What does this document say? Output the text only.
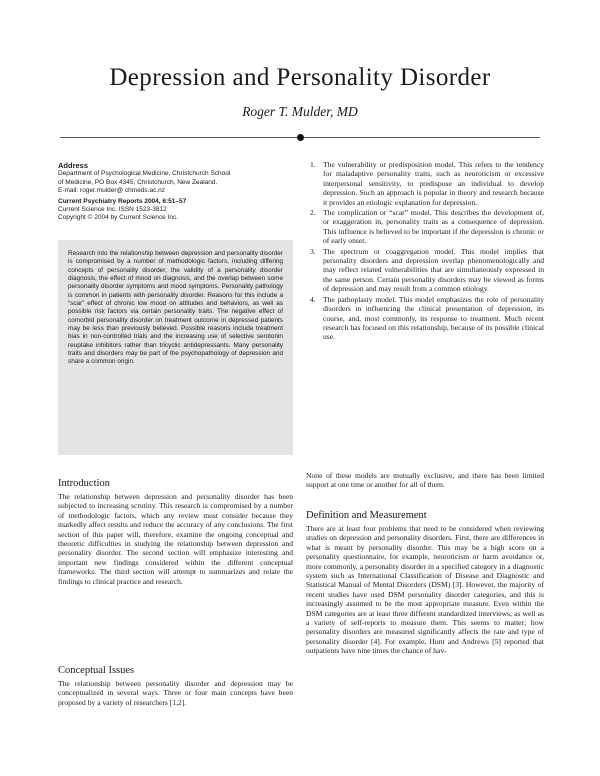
Depression and Personality Disorder
Roger T. Mulder, MD
Address
Department of Psychological Medicine, Christchurch School
of Medicine, PO Box 4345, Christchurch, New Zealand.
E-mail: roger.mulder@ chmeds.ac.nz
Current Psychiatry Reports 2004, 6:51–57
Current Science Inc. ISSN 1523-3812
Copyright © 2004 by Current Science Inc.
Research into the relationship between depression and personality disorder is compromised by a number of methodologic factors, including differing concepts of personality disorder, the validity of a personality disorder diagnosis, the effect of mood on diagnosis, and the overlap between some personality disorder symptoms and mood symptoms. Personality pathology is common in patients with personality disorder. Reasons for this include a “scar” effect of chronic low mood on attitudes and behaviors, as well as possible risk factors via certain personality traits. The negative effect of comorbid personality disorder on treatment outcome in depressed patients may be less than previously believed. Possible reasons include treatment bias in non-controlled trials and the increasing use of selective serotonin reuptake inhibitors rather than tricyclic antidepressants. Many personality traits and disorders may be part of the psychopathology of depression and share a common origin.
Introduction

The relationship between depression and personality disorder has been subjected to increasing scrutiny. This research is compromised by a number of methodologic factors, which any review must consider because they markedly affect results and reduce the accuracy of any conclusions. The first section of this paper will, therefore, examine the ongoing conceptual and theoretic difficulties in studying the relationship between depression and personality disorder. The second section will emphasize interesting and important new findings considered within the different conceptual frameworks. The third section will attempt to summarizes and relate the findings to clinical practice and research.

Conceptual Issues

The relationship between personality disorder and depression may be conceptualized in several ways. Three or four main concepts have been proposed by a variety of researchers [1,2].

1. The vulnerability or predisposition model. This refers to the tendency for maladaptive personality traits, such as neuroticism or excessive interpersonal sensitivity, to predispose an individual to develop depression. Such an approach is popular in theory and research because it provides an etiologic explanation for depression.
2. The complication or “scar” model. This describes the development of, or exaggeration in, personality traits as a consequence of depression. This influence is believed to be important if the depression is chronic or of early onset.
3. The spectrum or coaggregation model. This model implies that personality disorders and depression overlap phenomenologically and may reflect related vulnerabilities that are simultaneously expressed in the same person. Certain personality disorders may be viewed as forms of depression and may result from a common etiology.
4. The pathoplasty model. This model emphasizes the role of personality disorders in influencing the clinical presentation of depression, its course, and, most commonly, its response to treatment. Much recent research has focused on this relationship, because of its possible clinical use.

None of these models are mutually exclusive, and there has been limited support at one time or another for all of them.

Definition and Measurement

There are at least four problems that need to be considered when reviewing studies on depression and personality disorders. First, there are differences in what is meant by personality disorder. This may be a high score on a personality questionnaire, for example, neuroticism or harm avoidance or, more commonly, a personality disorder in a specified category in a diagnostic system such as International Classification of Disease and Diagnostic and Statistical Manual of Mental Disorders (DSM) [3]. However, the majority of recent studies have used DSM personality disorder categories, and this is increasingly assumed to be the most appropriate measure. Even within the DSM categories are at least three different standardized interviews, as well as a variety of self-reports to measure them. This seems to matter; how personality disorders are measured significantly affects the rate and type of personality disorder [4]. For example, Hunt and Andrews [5] reported that outpatients have nine times the chance of hav-
